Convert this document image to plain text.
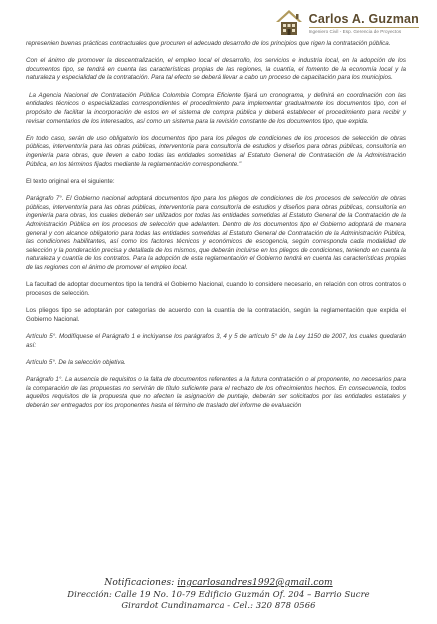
Carlos A. Guzman
Ingeniero Civil - Esp. Gerencia de Proyectos

represenien buenas prácticas contractuales que procuren el adecuado desarrollo de los principios que rigen la contratación pública.

Con el ánimo de promover la descentralización, el empleo local el desarrollo, los servicios e industria local, en la adopción de los documentos tipo, se tendrá en cuenta las características propias de las regiones, la cuantía, el fomento de la economía local y la naturaleza y especialidad de la contratación. Para tal efecto se deberá llevar a cabo un proceso de capacitación para los municipios.

La Agencia Nacional de Contratación Pública Colombia Compra Eficiente fijará un cronograma, y definirá en coordinación con las entidades técnicos o especializadas correspondientes el procedimiento para implementar gradualmente los documentos tipo, con el propósito de facilitar la incorporación de estos en el sistema de compra pública y deberá establecer el procedimiento para recibir y revisar comentarios de los interesados, así como un sistema para la revisión constante de los documentos tipo, que expida.

En todo caso, serán de uso obligatorio los documentos tipo para los pliegos de condiciones de los procesos de selección de obras públicas, interventoría para las obras públicas, interventoría para consultoría de estudios y diseños para obras públicas, consultoría en ingeniería para obras, que lleven a cabo todas las entidades sometidas al Estatuto General de Contratación de la Administración Pública, en los términos fijados mediante la reglamentación correspondiente."

El texto original era el siguiente:

Parágrafo 7°. El Gobierno nacional adoptará documentos tipo para los pliegos de condiciones de los procesos de selección de obras públicas, interventoría para las obras públicas, interventoría para consultoría de estudios y diseños para obras públicas, consultoría en ingeniería para obras, los cuales deberán ser utilizados por todas las entidades sometidas al Estatuto General de la Contratación de la Administración Pública en los procesos de selección que adelanten. Dentro de los documentos tipo el Gobierno adoptará de manera general y con alcance obligatorio para todas las entidades sometidas al Estatuto General de Contratación de la Administración Pública, las condiciones habilitantes, así como los factores técnicos y económicos de escogencia, según corresponda cada modalidad de selección y la ponderación precisa y detallada de los mismos, que deberán incluirse en los pliegos de condiciones, teniendo en cuenta la naturaleza y cuantía de los contratos. Para la adopción de esta reglamentación el Gobierno tendrá en cuenta las características propias de las regiones con el ánimo de promover el empleo local.

La facultad de adoptar documentos tipo la tendrá el Gobierno Nacional, cuando lo considere necesario, en relación con otros contratos o procesos de selección.

Los pliegos tipo se adoptarán por categorías de acuerdo con la cuantía de la contratación, según la reglamentación que expida el Gobierno Nacional.

Artículo 5°. Modifíquese el Parágrafo 1 e inclúyanse los parágrafos 3, 4 y 5 de artículo 5° de la Ley 1150 de 2007, los cuales quedarán así:

Artículo 5°. De la selección objetiva.

Parágrafo 1°. La ausencia de requisitos o la falta de documentos referentes a la futura contratación o al proponente, no necesarios para la comparación de las propuestas no servirán de título suficiente para el rechazo de los ofrecimientos hechos. En consecuencia, todos aquellos requisitos de la propuesta que no afecten la asignación de puntaje, deberán ser solicitados por las entidades estatales y deberán ser entregados por los proponentes hasta el término de traslado del informe de evaluación

Notificaciones: ingcarlosandres1992@gmail.com
Dirección: Calle 19 No. 10-79 Edificio Guzmán Of. 204 – Barrio Sucre
Girardot Cundinamarca - Cel.: 320 878 0566
